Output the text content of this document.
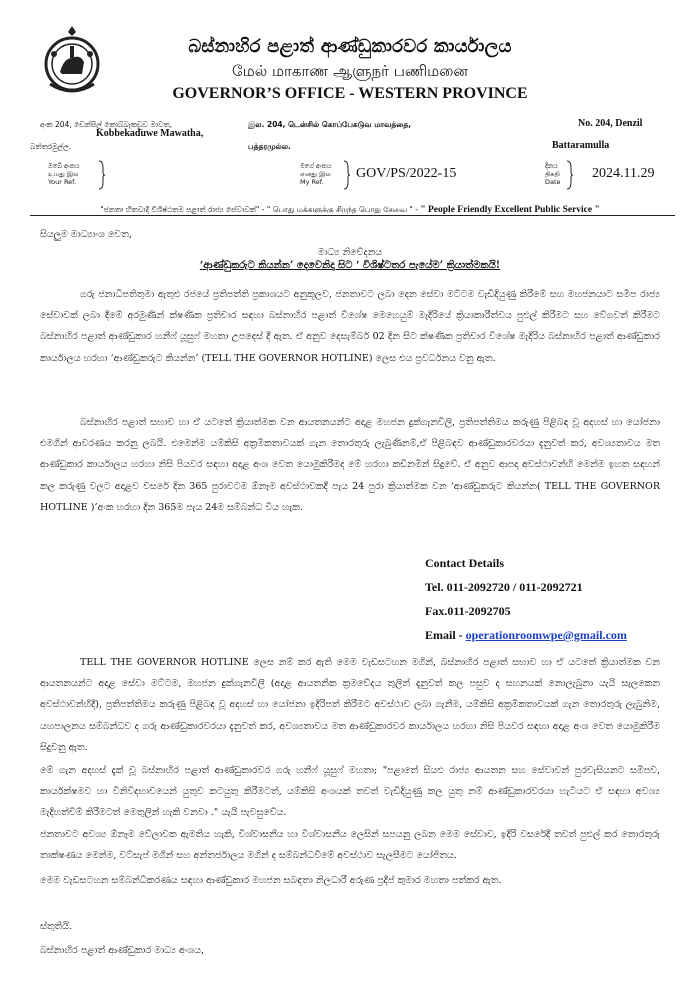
බස්නාහිර පළාත් ආණ්ඩුකාරවර කාර්යාලය
மேல் மாகாண ஆளுநர் பணிமனை
GOVERNOR’S OFFICE - WESTERN PROVINCE
අංක 204, ඩෙන්සිල් කොබ්බෑකඩුව මාවත,
Kobbekaduwe Mawatha,
බත්තරමුල්ල.
இல. 204, டென்சில் கொப்பேகடுவ மாவத்தை,
பத்தரமுல்ல.
No. 204, Denzil
Battaramulla
ඔබේ අංකය
உமது இல
Your Ref.
මගේ අංකය
எனது இல
My Ref.
GOV/PS/2022-15	දිනය
திகதி
Date
2024.11.29
"ජනතා හිතවාදී විශිෂ්ඨතම පළාත් රාජ්‍ය සේවාවක්" - " பொது மக்களுக்கு சிறந்த பொது சேவை " - " People Friendly Excellent Public Service "
සියලුම මාධ්‍යාංශ වෙත,
මාධ්‍ය නිවේදනය
‘ආණ්ඩුකරුට කියන්න’ දෙවෙනිදා සිට ‘ විශිෂ්ටතර පැයේම’ ක්‍රියාත්මකයි!
ගරු ජනාධිපතිතුමා ඇතුළු රජයේ ප්‍රතිපත්ති ප්‍රකාශයට අනුකූලව, ජනතාවට ලබා දෙන සේවා මට්ටම වැඩිදියුණු කිරීමේ සහ මහජනයාට සමීප රාජ්‍ය සේවාවක් ලබා දීමේ අරමුණින් ක්ෂණික ප්‍රතිචාර සඳහා බස්නාහිර පළාත් විශේෂ මෙහෙයුම් මැදිරියේ ක්‍රියාකාරීත්වය පුළුල් කිරීමට සහ වේගවත් කිරීමට බස්නාහිර පළාත් ආණ්ඩුකාර හනීෆ් යූසුෆ් මහතා උපදෙස් දී ඇත. ඒ අනුව දෙසැම්බර් 02 දින සිට ක්ෂණික ප්‍රතිචාර විශේෂ මැදිරිය බස්නාහිර පළාත් ආණ්ඩුකාර කාර්යාලය හරහා ‘ආණ්ඩුකරුට කියන්න’ (TELL THE GOVERNOR HOTLINE) ලෙස එය ප්‍රවර්ධනය වනු ඇත.
බස්නාහිර පළාත් සභාව හා ඒ යටතේ ක්‍රියාත්මක වන ආයතනයන්ට අදාළ මහජන දුක්ගැනවිලි, ප්‍රතිපත්තිමය කරුණු පිළිබඳ වූ අදහස් හා යෝජනා එමගින් ආවරණය කරනු ලබයි. එමෙන්ම යම්කිසි අක්‍රමිකතාවයක් ගැන තොරතුරු ලැබුණිනම්,ඒ පිළිබඳව ආණ්ඩුකාරවරයා දැනුවත් කර, අවශ්‍යතාවය මත ආණ්ඩුකාර කාර්යාලය හරහා නිසි පියවර සඳහා අදාළ අංශ වෙත යොමුකිරීමද මේ හරහා කඩිනමින් සිදුවේ. ඒ අනුව ආපදා අවස්ථාවන්හි මෙන්ම ඉහත සඳහන් කල කරුණු වලට අදාළව වසරේ දින 365 පුරාවටම ඕනෑම අවස්ථාවකදී පැය 24 පුරා ක්‍රියාත්මක වන ‘ආණ්ඩුකරුට කියන්න( TELL THE GOVERNOR HOTLINE )’අංක හරහා දින 365ම පැය 24ම සම්බන්ධ විය හැක.
Contact Details
Tel. 011-2092720 / 011-2092721
Fax.011-2092705
Email - operationroomwpe@gmail.com
TELL THE GOVERNOR HOTLINE ලෙස නම් කර ඇති මෙම වැඩසටහන මගින්, බස්නාහිර පළාත් සභාව හා ඒ යටතේ ක්‍රියාත්මක වන ආයතනයන්ට අදාළ සේවා මට්ටම, මහජන දුක්ගැනවිලි (අදාළ ආයතනික ක්‍රමවේදය තුලින් දැනුවත් කල පසුව ද සහනයක් නොලැබුනා යැයි සැලකෙන අවස්ථාවන්හිදී), ප්‍රතිපත්තිමය කරුණු පිළිබඳ වූ අදහස් හා යෝජනා ඉදිරිපත් කිරීමට අවස්ථාව ලබා ගැනීම, යම්කිසි අක්‍රමිකතාවයක් ගැන තොරතුරු ලැබුනිම, යහපාලනය සම්බන්ධව ද ගරු ආණ්ඩුකාරවරයා දැනුවත් කර, අවශ්‍යතාවය මත ආණ්ඩුකාරවර කාර්යාලය හරහා නිසි පියවර සඳහා අදාළ අංශ වෙත යොමුකිරීම සිදුවනු ඇත.
මේ ගැන අදහස් දැක් වූ බස්නාහිර පළාත් ආණ්ඩුකාරවර ගරු හනීෆ් යූසුෆ් මහතා; "පළාතේ සියළු රාජ්‍ය ආයතන සහ සේවාවන් පුරවැසියනට සමීපව, කාර්යක්ෂමව හා විනිවිදභාවයෙන් යුතුව කටයුතු කිරීමටත්, යම්කිසි අංශයක් තවත් වැඩිදියුණු කල යුතු නම් ආණ්ඩුකාරවරයා හැටියට ඒ සඳහා අවශ්‍ය මැදිහත්වීම් කිරීමටත් මෙතුලින් හැකි වනවා ." යැයි පැවසුවේය.
ජනතාවට අවශ්‍ය ඕනෑම වේලාවක ඇමතිය හැකි, විශ්වාසනීය හා විශ්වාසනීය ලෙසින් සපයනු ලබන මෙම සේවාව, ඉදිරි වසරේදී තවත් පුළුල් කර තොරතුරු තාක්ෂණය මෙන්ම, වට්සැප් මගින් සහ අන්තර්ජාලය මගින් ද සම්බන්ධවීමේ අවස්ථාව සැලසීමට යෝජිතය.
මෙම වැඩසටහන සම්බන්ධීකරණය සඳහා ආණ්ඩුකාර මහජන සබඳතා නිලධාරී අරුණ ප්‍රදීප් කුමාර මහතා පත්කර ඇත.
ස්තුතියි.
බස්නාහිර පළාත් ආණ්ඩුකාර මාධ්‍ය අංශය,
